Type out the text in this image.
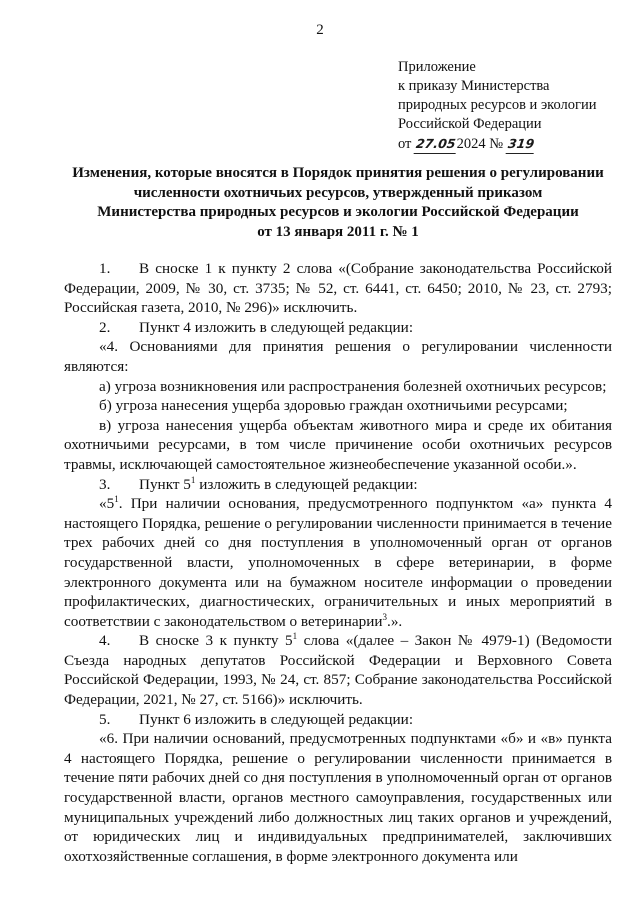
2
Приложение
к приказу Министерства
природных ресурсов и экологии
Российской Федерации
от 27.052024 № 319
Изменения, которые вносятся в Порядок принятия решения о регулировании
численности охотничьих ресурсов, утвержденный приказом
Министерства природных ресурсов и экологии Российской Федерации
от 13 января 2011 г. № 1

1. В сноске 1 к пункту 2 слова «(Собрание законодательства Российской Федерации, 2009, № 30, ст. 3735; № 52, ст. 6441, ст. 6450; 2010, № 23, ст. 2793; Российская газета, 2010, № 296)» исключить.

2. Пункт 4 изложить в следующей редакции:

«4. Основаниями для принятия решения о регулировании численности являются:

а) угроза возникновения или распространения болезней охотничьих ресурсов;

б) угроза нанесения ущерба здоровью граждан охотничьими ресурсами;

в) угроза нанесения ущерба объектам животного мира и среде их обитания охотничьими ресурсами, в том числе причинение особи охотничьих ресурсов травмы, исключающей самостоятельное жизнеобеспечение указанной особи.».

3. Пункт $5^1$ изложить в следующей редакции:

«$5^1$. При наличии основания, предусмотренного подпунктом «а» пункта 4 настоящего Порядка, решение о регулировании численности принимается в течение трех рабочих дней со дня поступления в уполномоченный орган от органов государственной власти, уполномоченных в сфере ветеринарии, в форме электронного документа или на бумажном носителе информации о проведении профилактических, диагностических, ограничительных и иных мероприятий в соответствии с законодательством о ветеринарии$^3$.».

4. В сноске 3 к пункту $5^1$ слова «(далее – Закон № 4979-1) (Ведомости Съезда народных депутатов Российской Федерации и Верховного Совета Российской Федерации, 1993, № 24, ст. 857; Собрание законодательства Российской Федерации, 2021, № 27, ст. 5166)» исключить.

5. Пункт 6 изложить в следующей редакции:

«6. При наличии оснований, предусмотренных подпунктами «б» и «в» пункта 4 настоящего Порядка, решение о регулировании численности принимается в течение пяти рабочих дней со дня поступления в уполномоченный орган от органов государственной власти, органов местного самоуправления, государственных или муниципальных учреждений либо должностных лиц таких органов и учреждений, от юридических лиц и индивидуальных предпринимателей, заключивших охотхозяйственные соглашения, в форме электронного документа или
